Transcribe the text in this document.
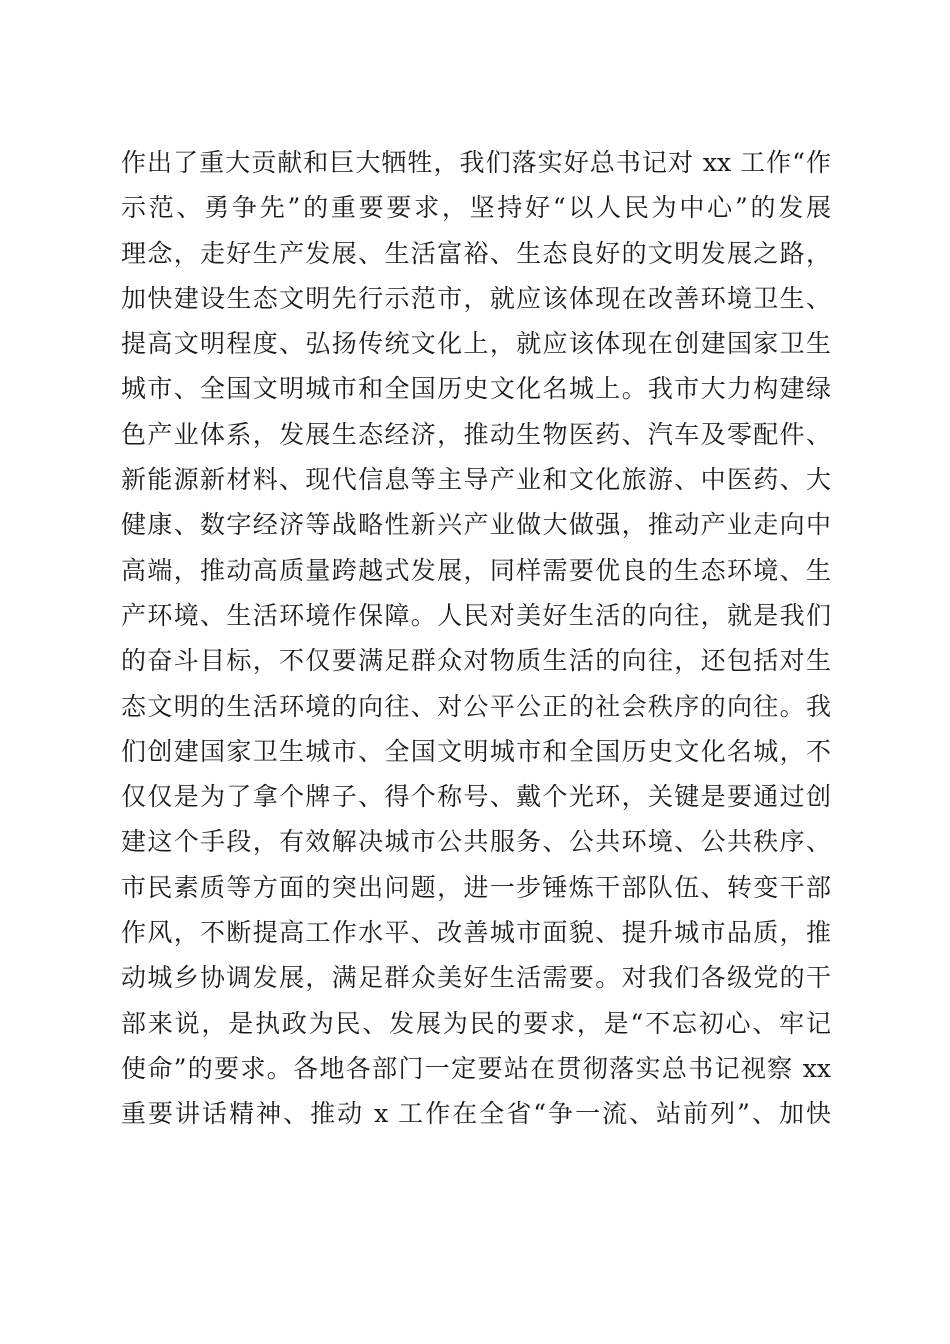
作出了重大贡献和巨大牺牲，我们落实好总书记对 xx 工作“作
示范、勇争先”的重要要求，坚持好“以人民为中心”的发展
理念，走好生产发展、生活富裕、生态良好的文明发展之路，
加快建设生态文明先行示范市，就应该体现在改善环境卫生、
提高文明程度、弘扬传统文化上，就应该体现在创建国家卫生
城市、全国文明城市和全国历史文化名城上。我市大力构建绿
色产业体系，发展生态经济，推动生物医药、汽车及零配件、
新能源新材料、现代信息等主导产业和文化旅游、中医药、大
健康、数字经济等战略性新兴产业做大做强，推动产业走向中
高端，推动高质量跨越式发展，同样需要优良的生态环境、生
产环境、生活环境作保障。人民对美好生活的向往，就是我们
的奋斗目标，不仅要满足群众对物质生活的向往，还包括对生
态文明的生活环境的向往、对公平公正的社会秩序的向往。我
们创建国家卫生城市、全国文明城市和全国历史文化名城，不
仅仅是为了拿个牌子、得个称号、戴个光环，关键是要通过创
建这个手段，有效解决城市公共服务、公共环境、公共秩序、
市民素质等方面的突出问题，进一步锤炼干部队伍、转变干部
作风，不断提高工作水平、改善城市面貌、提升城市品质，推
动城乡协调发展，满足群众美好生活需要。对我们各级党的干
部来说，是执政为民、发展为民的要求，是“不忘初心、牢记
使命”的要求。各地各部门一定要站在贯彻落实总书记视察 xx
重要讲话精神、推动 x 工作在全省“争一流、站前列”、加快
